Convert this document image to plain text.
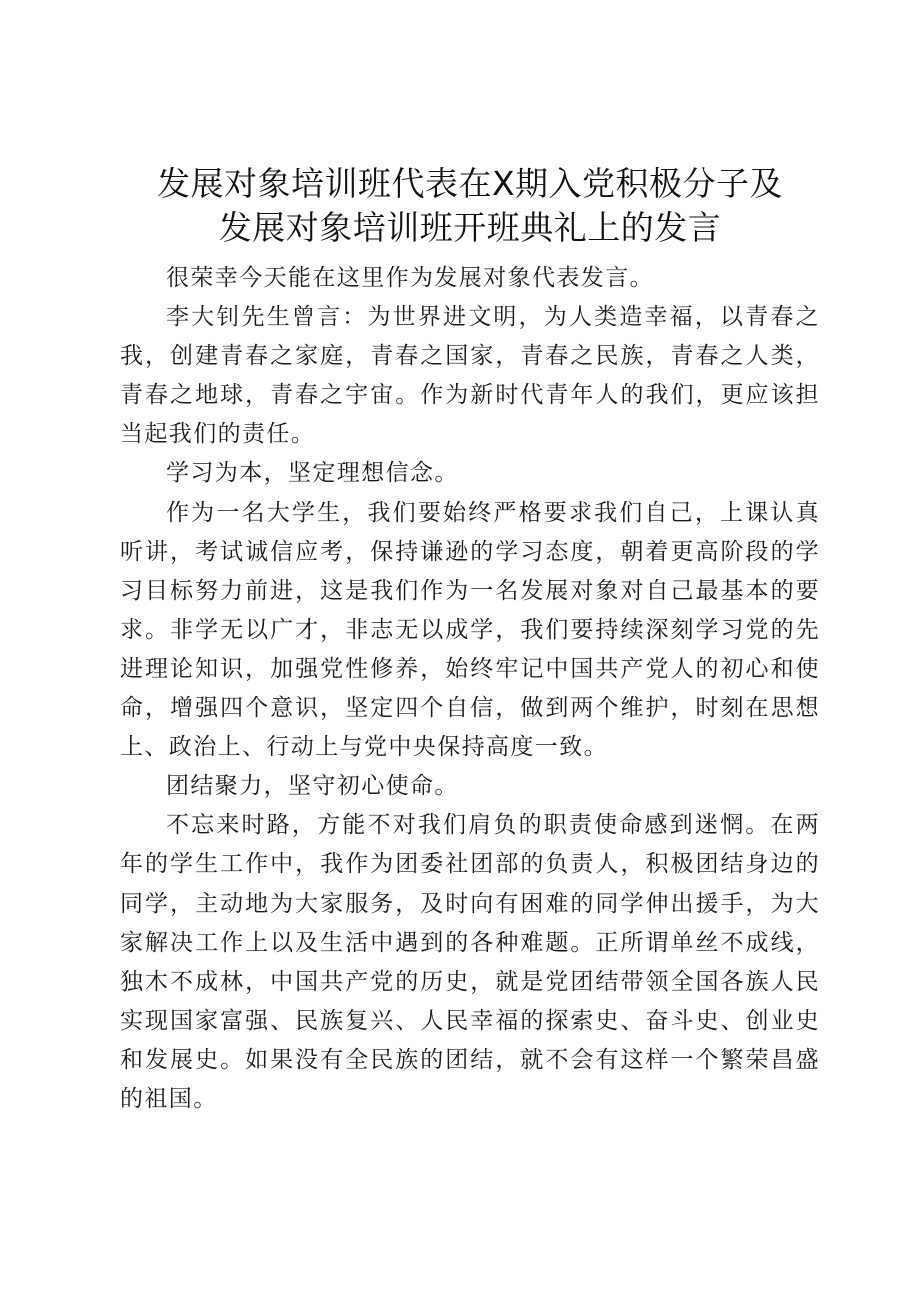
发展对象培训班代表在X期入党积极分子及
发展对象培训班开班典礼上的发言

很荣幸今天能在这里作为发展对象代表发言。

李大钊先生曾言：为世界进文明，为人类造幸福，以青春之我，创建青春之家庭，青春之国家，青春之民族，青春之人类，青春之地球，青春之宇宙。作为新时代青年人的我们，更应该担当起我们的责任。

学习为本，坚定理想信念。

作为一名大学生，我们要始终严格要求我们自己，上课认真听讲，考试诚信应考，保持谦逊的学习态度，朝着更高阶段的学习目标努力前进，这是我们作为一名发展对象对自己最基本的要求。非学无以广才，非志无以成学，我们要持续深刻学习党的先进理论知识，加强党性修养，始终牢记中国共产党人的初心和使命，增强四个意识，坚定四个自信，做到两个维护，时刻在思想上、政治上、行动上与党中央保持高度一致。

团结聚力，坚守初心使命。

不忘来时路，方能不对我们肩负的职责使命感到迷惘。在两年的学生工作中，我作为团委社团部的负责人，积极团结身边的同学，主动地为大家服务，及时向有困难的同学伸出援手，为大家解决工作上以及生活中遇到的各种难题。正所谓单丝不成线，独木不成林，中国共产党的历史，就是党团结带领全国各族人民实现国家富强、民族复兴、人民幸福的探索史、奋斗史、创业史和发展史。如果没有全民族的团结，就不会有这样一个繁荣昌盛的祖国。
